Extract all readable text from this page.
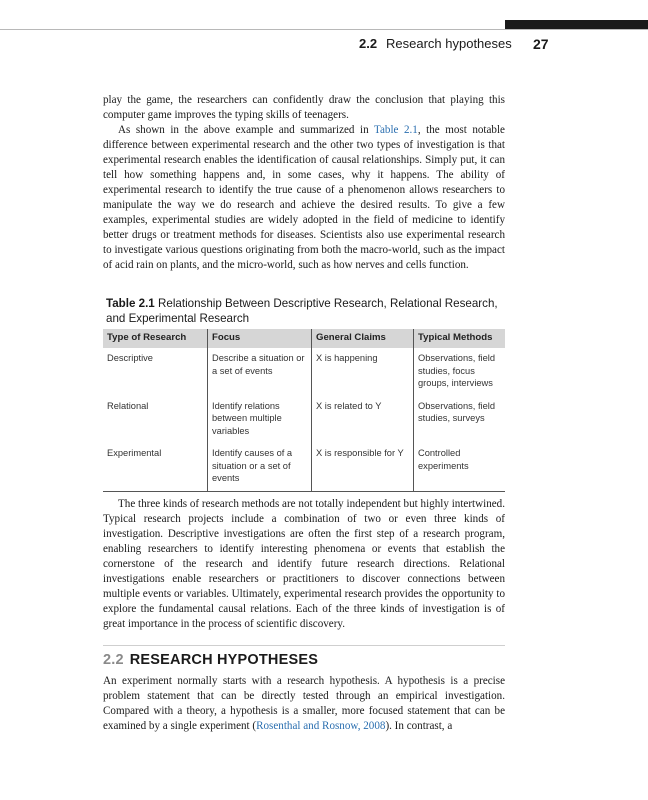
2.2 Research hypotheses 27

play the game, the researchers can confidently draw the conclusion that playing this computer game improves the typing skills of teenagers.

As shown in the above example and summarized in Table 2.1, the most notable difference between experimental research and the other two types of investigation is that experimental research enables the identification of causal relationships. Simply put, it can tell how something happens and, in some cases, why it happens. The ability of experimental research to identify the true cause of a phenomenon allows researchers to manipulate the way we do research and achieve the desired results. To give a few examples, experimental studies are widely adopted in the field of medicine to identify better drugs or treatment methods for diseases. Scientists also use experimental research to investigate various questions originating from both the macro-world, such as the impact of acid rain on plants, and the micro-world, such as how nerves and cells function.

Table 2.1 Relationship Between Descriptive Research, Relational Research, and Experimental Research
Type of Research	Focus	General Claims	Typical Methods
Descriptive	Describe a situation or a set of events	X is happening	Observations, field studies, focus groups, interviews
Relational	Identify relations between multiple variables	X is related to Y	Observations, field studies, surveys
Experimental	Identify causes of a situation or a set of events	X is responsible for Y	Controlled experiments

The three kinds of research methods are not totally independent but highly intertwined. Typical research projects include a combination of two or even three kinds of investigation. Descriptive investigations are often the first step of a research program, enabling researchers to identify interesting phenomena or events that establish the cornerstone of the research and identify future research directions. Relational investigations enable researchers or practitioners to discover connections between multiple events or variables. Ultimately, experimental research provides the opportunity to explore the fundamental causal relations. Each of the three kinds of investigation is of great importance in the process of scientific discovery.

2.2 RESEARCH HYPOTHESES

An experiment normally starts with a research hypothesis. A hypothesis is a precise problem statement that can be directly tested through an empirical investigation. Compared with a theory, a hypothesis is a smaller, more focused statement that can be examined by a single experiment (Rosenthal and Rosnow, 2008). In contrast, a
